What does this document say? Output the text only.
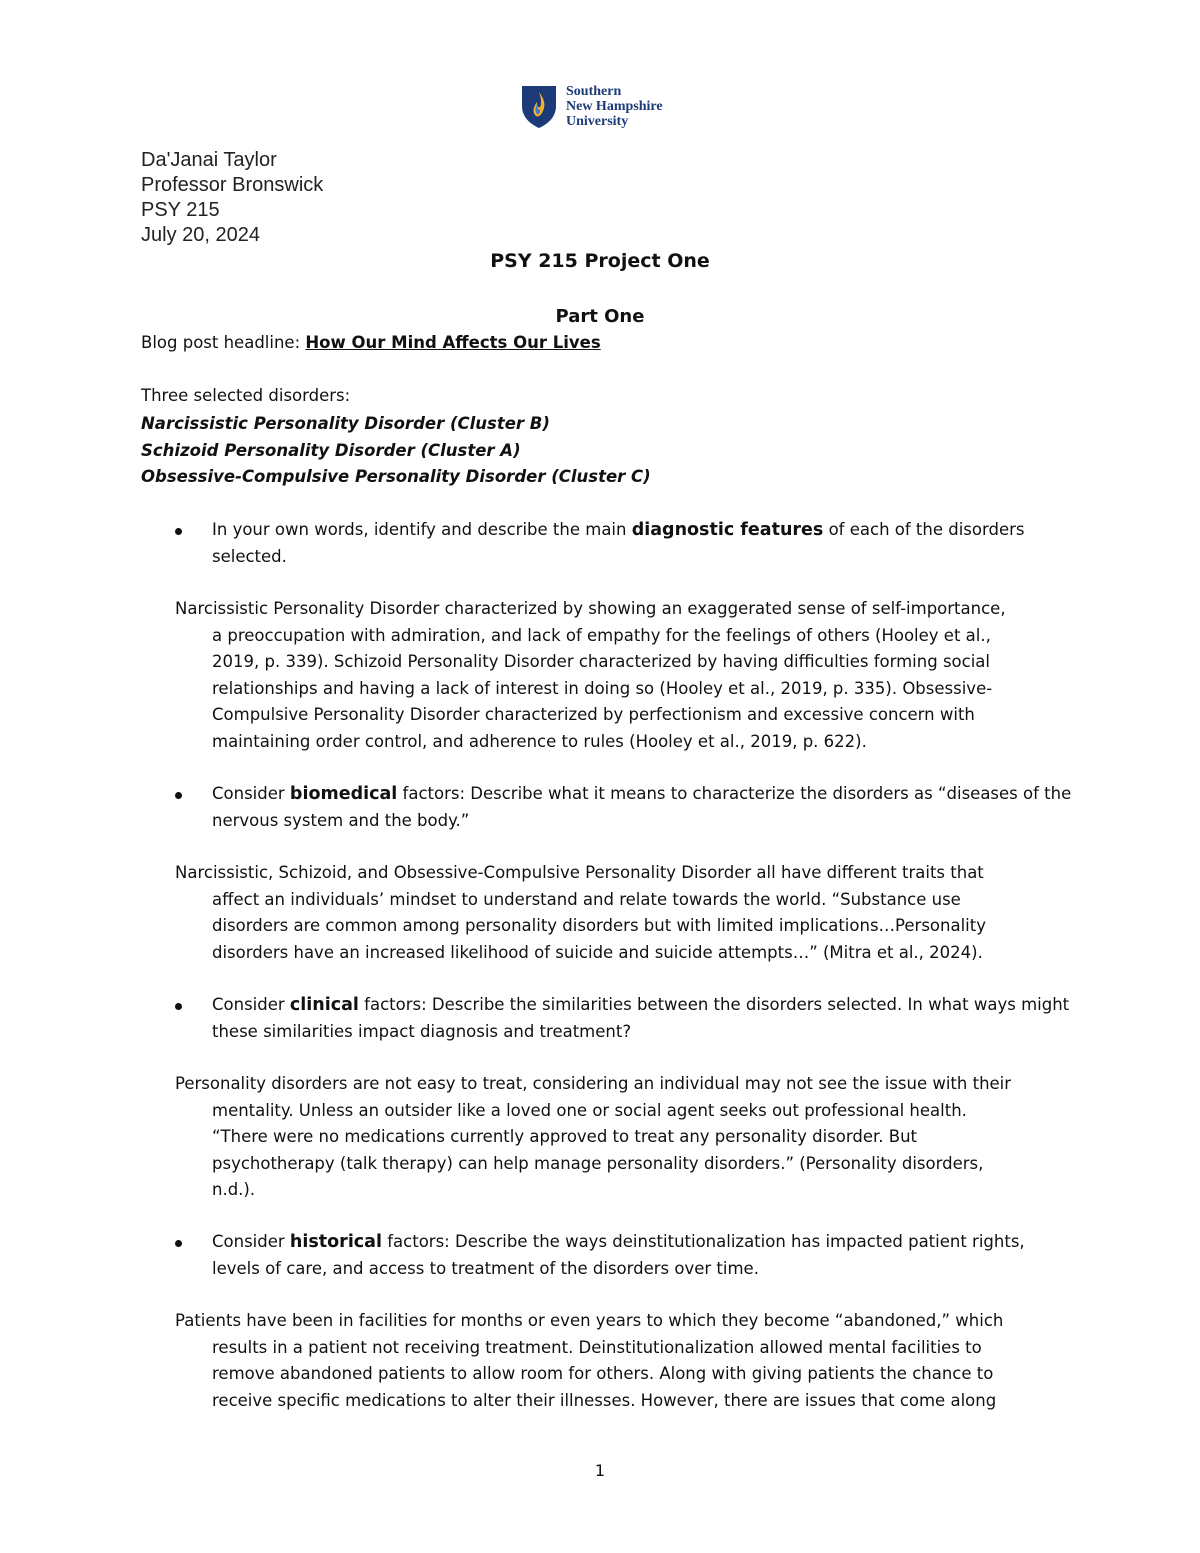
Southern
New Hampshire
University
Da'Janai Taylor
Professor Bronswick
PSY 215
July 20, 2024
PSY 215 Project One
Part One
Blog post headline: How Our Mind Affects Our Lives
Three selected disorders:
Narcissistic Personality Disorder (Cluster B)
Schizoid Personality Disorder (Cluster A)
Obsessive-Compulsive Personality Disorder (Cluster C)
In your own words, identify and describe the main diagnostic features of each of the disorders selected.
Narcissistic Personality Disorder characterized by showing an exaggerated sense of self-importance,
a preoccupation with admiration, and lack of empathy for the feelings of others (Hooley et al.,
2019, p. 339). Schizoid Personality Disorder characterized by having difficulties forming social
relationships and having a lack of interest in doing so (Hooley et al., 2019, p. 335). Obsessive-
Compulsive Personality Disorder characterized by perfectionism and excessive concern with
maintaining order control, and adherence to rules (Hooley et al., 2019, p. 622).
Consider biomedical factors: Describe what it means to characterize the disorders as “diseases of the nervous system and the body.”
Narcissistic, Schizoid, and Obsessive-Compulsive Personality Disorder all have different traits that
affect an individuals’ mindset to understand and relate towards the world. “Substance use
disorders are common among personality disorders but with limited implications…Personality
disorders have an increased likelihood of suicide and suicide attempts…” (Mitra et al., 2024).
Consider clinical factors: Describe the similarities between the disorders selected. In what ways might these similarities impact diagnosis and treatment?
Personality disorders are not easy to treat, considering an individual may not see the issue with their
mentality. Unless an outsider like a loved one or social agent seeks out professional health.
“There were no medications currently approved to treat any personality disorder. But
psychotherapy (talk therapy) can help manage personality disorders.” (Personality disorders,
n.d.).
Consider historical factors: Describe the ways deinstitutionalization has impacted patient rights, levels of care, and access to treatment of the disorders over time.
Patients have been in facilities for months or even years to which they become “abandoned,” which
results in a patient not receiving treatment. Deinstitutionalization allowed mental facilities to
remove abandoned patients to allow room for others. Along with giving patients the chance to
receive specific medications to alter their illnesses. However, there are issues that come along
1
